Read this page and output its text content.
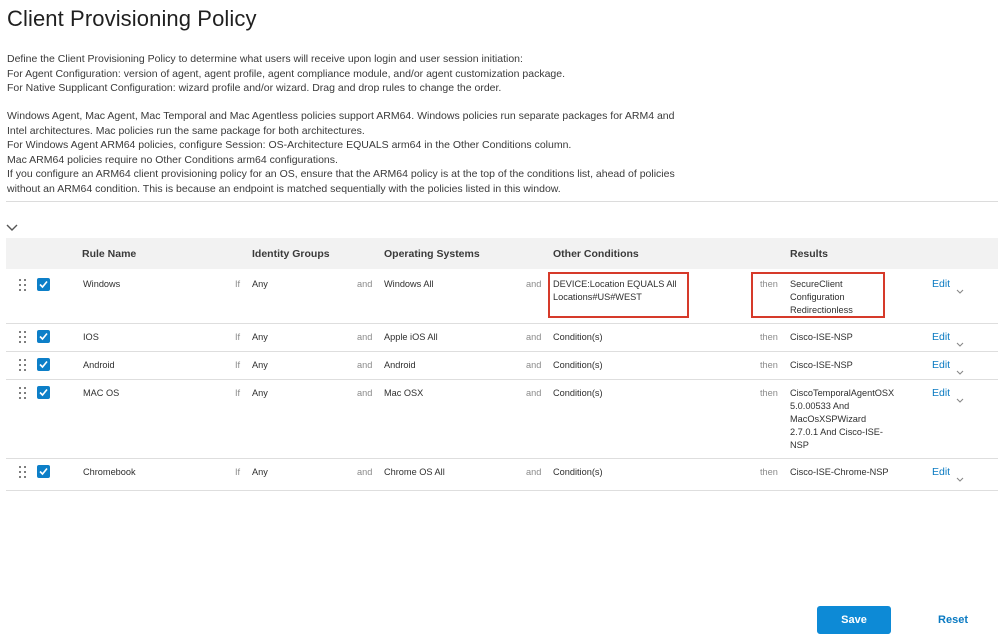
Client Provisioning Policy
Define the Client Provisioning Policy to determine what users will receive upon login and user session initiation:
For Agent Configuration: version of agent, agent profile, agent compliance module, and/or agent customization package.
For Native Supplicant Configuration: wizard profile and/or wizard. Drag and drop rules to change the order.
Windows Agent, Mac Agent, Mac Temporal and Mac Agentless policies support ARM64. Windows policies run separate packages for ARM4 and
Intel architectures. Mac policies run the same package for both architectures.
For Windows Agent ARM64 policies, configure Session: OS-Architecture EQUALS arm64 in the Other Conditions column.
Mac ARM64 policies require no Other Conditions arm64 configurations.
If you configure an ARM64 client provisioning policy for an OS, ensure that the ARM64 policy is at the top of the conditions list, ahead of policies
without an ARM64 condition. This is because an endpoint is matched sequentially with the policies listed in this window.
Rule Name	Identity Groups	Operating Systems	Other Conditions	Results
Windows	If Any	and Windows All	and DEVICE:Location EQUALS All
Locations#US#WEST
then SecureClient
Configuration
Redirectionless
Edit
IOS	If Any	and Apple iOS All	and Condition(s)	then Cisco-ISE-NSP	Edit
Android	If Any	and Android	and Condition(s)	then Cisco-ISE-NSP	Edit
MAC OS	If Any	and Mac OSX	and Condition(s)	then CiscoTemporalAgentOSX
5.0.00533 And
MacOsXSPWizard
2.7.0.1 And Cisco-ISE-
NSP
Edit
Chromebook	If Any	and Chrome OS All	and Condition(s)	then Cisco-ISE-Chrome-NSP	Edit
Save	Reset
